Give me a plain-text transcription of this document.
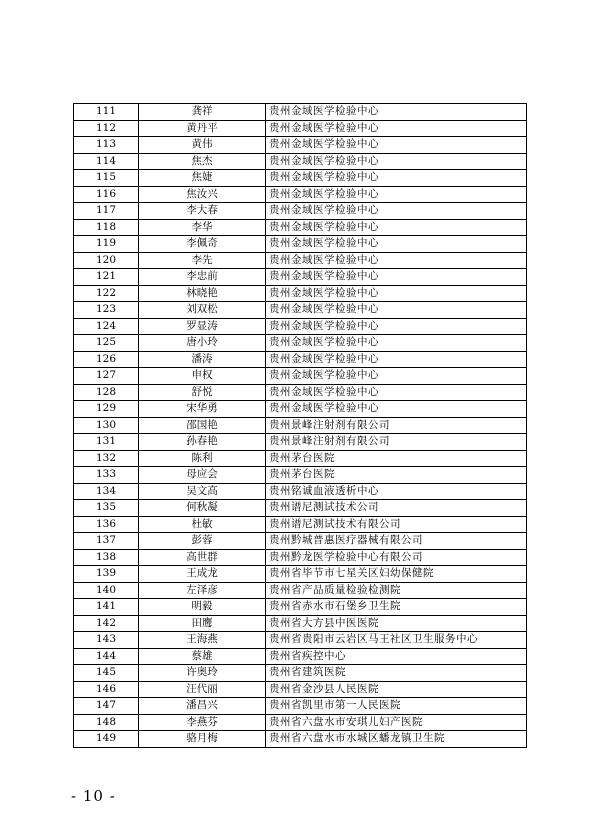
111	龚祥	贵州金域医学检验中心
112	黄丹平	贵州金域医学检验中心
113	黄伟	贵州金域医学检验中心
114	焦杰	贵州金域医学检验中心
115	焦婕	贵州金域医学检验中心
116	焦汝兴	贵州金域医学检验中心
117	李大春	贵州金域医学检验中心
118	李华	贵州金域医学检验中心
119	李佩奇	贵州金域医学检验中心
120	李先	贵州金域医学检验中心
121	李忠前	贵州金域医学检验中心
122	林晓艳	贵州金域医学检验中心
123	刘双松	贵州金域医学检验中心
124	罗显涛	贵州金域医学检验中心
125	唐小玲	贵州金域医学检验中心
126	潘涛	贵州金域医学检验中心
127	申权	贵州金域医学检验中心
128	舒悦	贵州金域医学检验中心
129	宋华勇	贵州金域医学检验中心
130	邵国艳	贵州景峰注射剂有限公司
131	孙春艳	贵州景峰注射剂有限公司
132	陈利	贵州茅台医院
133	母应会	贵州茅台医院
134	吴文高	贵州铭诚血液透析中心
135	何秋凝	贵州谱尼测试技术公司
136	杜敏	贵州谱尼测试技术有限公司
137	彭蓉	贵州黔城普惠医疗器械有限公司
138	高世群	贵州黔龙医学检验中心有限公司
139	王成龙	贵州省毕节市七星关区妇幼保健院
140	左泽彦	贵州省产品质量检验检测院
141	明毅	贵州省赤水市石堡乡卫生院
142	田鹰	贵州省大方县中医医院
143	王海燕	贵州省贵阳市云岩区马王社区卫生服务中心
144	蔡雄	贵州省疾控中心
145	许奥玲	贵州省建筑医院
146	汪代丽	贵州省金沙县人民医院
147	潘昌兴	贵州省凯里市第一人民医院
148	李燕芬	贵州省六盘水市安琪儿妇产医院
149	骆月梅	贵州省六盘水市水城区蟠龙镇卫生院
- 10 -
